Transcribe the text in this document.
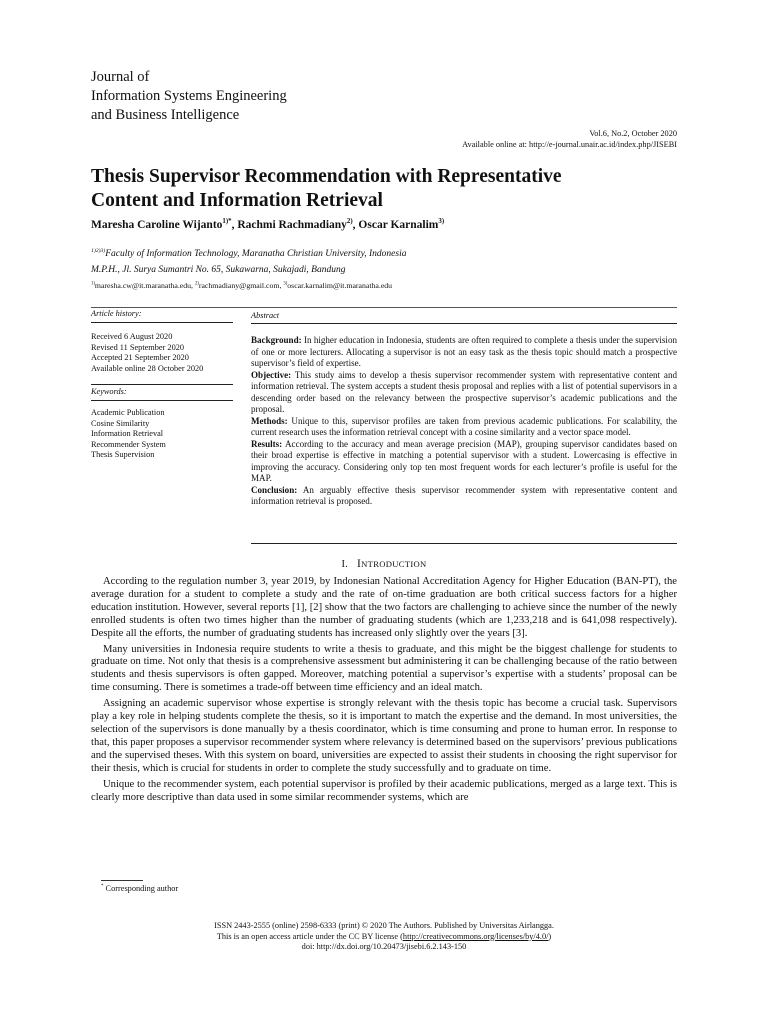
Journal of
Information Systems Engineering
and Business Intelligence
Vol.6, No.2, October 2020
Available online at: http://e-journal.unair.ac.id/index.php/JISEBI
Thesis Supervisor Recommendation with Representative
Content and Information Retrieval
Maresha Caroline Wijanto$^{1)*}$, Rachmi Rachmadiany$^{2)}$, Oscar Karnalim$^{3)}$
$^{1)2)3)}$Faculty of Information Technology, Maranatha Christian University, Indonesia
M.P.H., Jl. Surya Sumantri No. 65, Sukawarna, Sukajadi, Bandung
$^{1)}$maresha.cw@it.maranatha.edu, $^{2)}$rachmadiany@gmail.com, $^{3)}$oscar.karnalim@it.maranatha.edu
Article history:	Abstract
Received 6 August 2020
Revised 11 September 2020
Accepted 21 September 2020
Available online 28 October 2020
Keywords:
Academic Publication
Cosine Similarity
Information Retrieval
Recommender System
Thesis Supervision

Background: In higher education in Indonesia, students are often required to complete a thesis under the supervision of one or more lecturers. Allocating a supervisor is not an easy task as the thesis topic should match a prospective supervisor’s field of expertise.

Objective: This study aims to develop a thesis supervisor recommender system with representative content and information retrieval. The system accepts a student thesis proposal and replies with a list of potential supervisors in a descending order based on the relevancy between the prospective supervisor’s academic publications and the proposal.

Methods: Unique to this, supervisor profiles are taken from previous academic publications. For scalability, the current research uses the information retrieval concept with a cosine similarity and a vector space model.

Results: According to the accuracy and mean average precision (MAP), grouping supervisor candidates based on their broad expertise is effective in matching a potential supervisor with a student. Lowercasing is effective in improving the accuracy. Considering only top ten most frequent words for each lecturer’s profile is useful for the MAP.

Conclusion: An arguably effective thesis supervisor recommender system with representative content and information retrieval is proposed.

I. INTRODUCTION

According to the regulation number 3, year 2019, by Indonesian National Accreditation Agency for Higher Education (BAN-PT), the average duration for a student to complete a study and the rate of on-time graduation are both critical success factors for a higher education institution. However, several reports [1], [2] show that the two factors are challenging to achieve since the number of the newly enrolled students is often two times higher than the number of graduating students (which are 1,233,218 and is 641,098 respectively). Despite all the efforts, the number of graduating students has increased only slightly over the years [3].

Many universities in Indonesia require students to write a thesis to graduate, and this might be the biggest challenge for students to graduate on time. Not only that thesis is a comprehensive assessment but administering it can be challenging because of the ratio between students and thesis supervisors is often gapped. Moreover, matching potential a supervisor’s expertise with a students’ proposal can be time consuming. There is sometimes a trade-off between time efficiency and an ideal match.

Assigning an academic supervisor whose expertise is strongly relevant with the thesis topic has become a crucial task. Supervisors play a key role in helping students complete the thesis, so it is important to match the expertise and the demand. In most universities, the selection of the supervisors is done manually by a thesis coordinator, which is time consuming and prone to human error. In response to that, this paper proposes a supervisor recommender system where relevancy is determined based on the supervisors’ previous publications and the supervised theses. With this system on board, universities are expected to assist their students in choosing the right supervisor for their thesis, which is crucial for students in order to complete the study successfully and to graduate on time.

Unique to the recommender system, each potential supervisor is profiled by their academic publications, merged as a large text. This is clearly more descriptive than data used in some similar recommender systems, which are

* Corresponding author
ISSN 2443-2555 (online) 2598-6333 (print) © 2020 The Authors. Published by Universitas Airlangga.
This is an open access article under the CC BY license (http://creativecommons.org/licenses/by/4.0/)
doi: http://dx.doi.org/10.20473/jisebi.6.2.143-150
